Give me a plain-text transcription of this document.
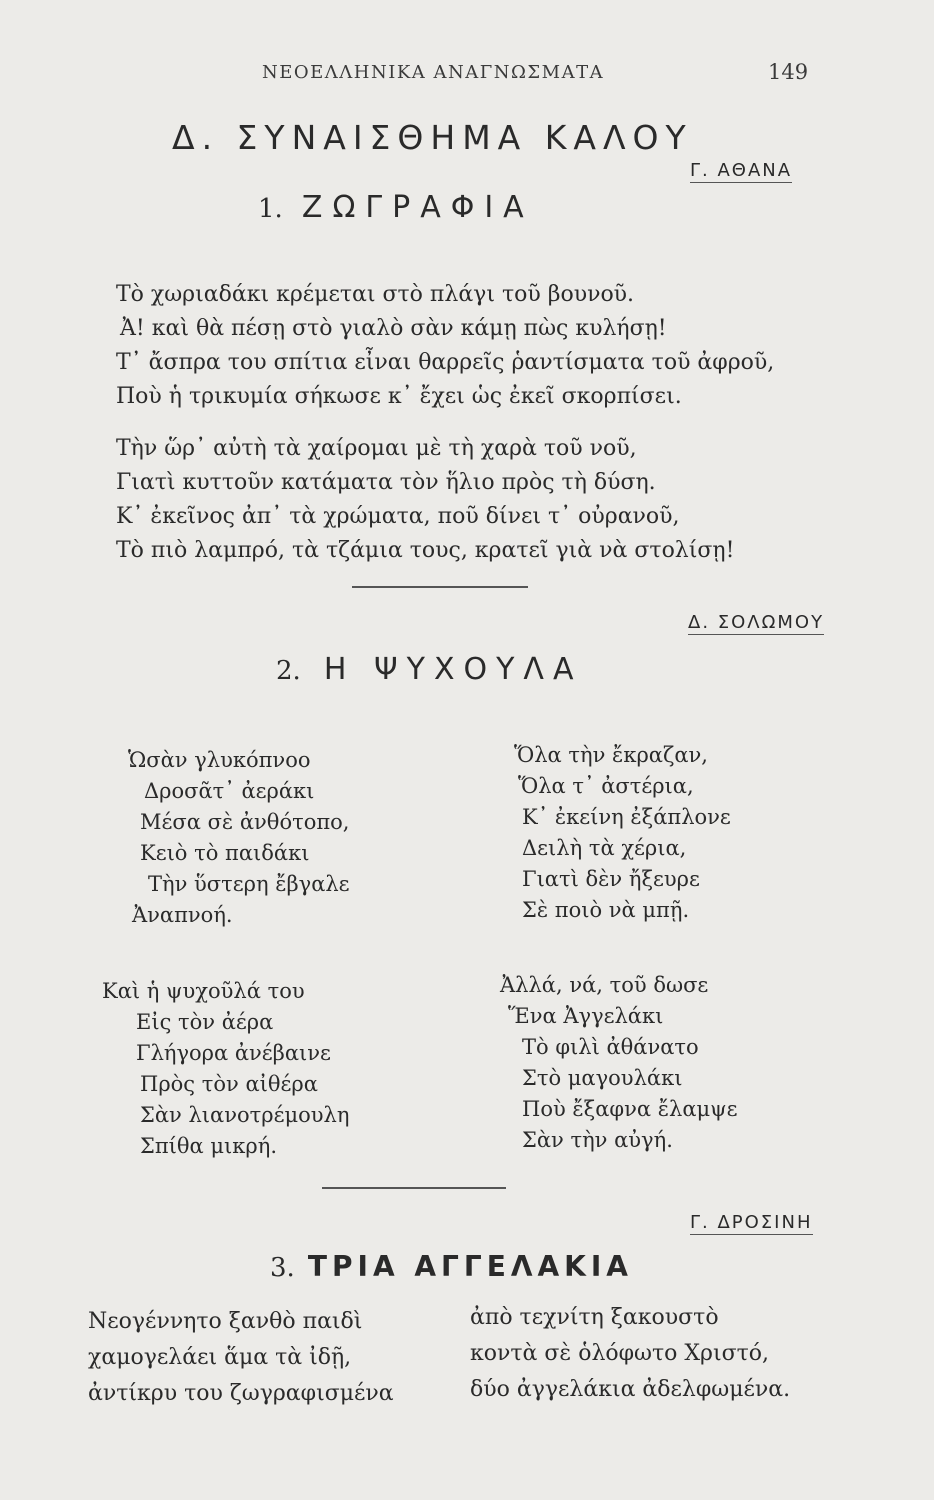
ΝΕΟΕΛΛΗΝΙΚΑ ΑΝΑΓΝΩΣΜΑΤΑ	149
Δ. ΣΥΝΑΙΣΘΗΜΑ ΚΑΛΟΥ
Γ. ΑΘΑΝΑ
1. ΖΩΓΡΑΦΙΑ
Τὸ χωριαδάκι κρέμεται στὸ πλάγι τοῦ βουνοῦ.
Ἀ! καὶ θὰ πέσῃ στὸ γιαλὸ σὰν κάμῃ πὼς κυλήσῃ!
Τ᾽ ἄσπρα του σπίτια εἶναι θαρρεῖς ῥαντίσματα τοῦ ἀφροῦ,
Ποὺ ἡ τρικυμία σήκωσε κ᾽ ἔχει ὡς ἐκεῖ σκορπίσει.
Τὴν ὥρ᾽ αὐτὴ τὰ χαίρομαι μὲ τὴ χαρὰ τοῦ νοῦ,
Γιατὶ κυττοῦν κατάματα τὸν ἥλιο πρὸς τὴ δύση.
Κ᾽ ἐκεῖνος ἀπ᾽ τὰ χρώματα, ποῦ δίνει τ᾽ οὐρανοῦ,
Τὸ πιὸ λαμπρό, τὰ τζάμια τους, κρατεῖ γιὰ νὰ στολίσῃ!
Δ. ΣΟΛΩΜΟΥ
2. Η ΨΥΧΟΥΛΑ
Ὡσὰν γλυκόπνοο
Δροσᾶτ᾽ ἀεράκι
Μέσα σὲ ἀνθότοπο,
Κειὸ τὸ παιδάκι
Τὴν ὕστερη ἔβγαλε
Ἀναπνοή.
Καὶ ἡ ψυχοῦλά του
Εἰς τὸν ἀέρα
Γλήγορα ἀνέβαινε
Πρὸς τὸν αἰθέρα
Σὰν λιανοτρέμουλη
Σπίθα μικρή.
Ὅλα τὴν ἔκραζαν,
Ὅλα τ᾽ ἀστέρια,
Κ᾽ ἐκείνη ἐξάπλονε
Δειλὴ τὰ χέρια,
Γιατὶ δὲν ἤξευρε
Σὲ ποιὸ νὰ μπῇ.
Ἀλλά, νά, τοῦ δωσε
Ἕνα Ἀγγελάκι
Τὸ φιλὶ ἀθάνατο
Στὸ μαγουλάκι
Ποὺ ἔξαφνα ἔλαμψε
Σὰν τὴν αὐγή.
Γ. ΔΡΟΣΙΝΗ
3. ΤΡΙΑ ΑΓΓΕΛΑΚΙΑ
Νεογέννητο ξανθὸ παιδὶ
χαμογελάει ἅμα τὰ ἰδῇ,
ἀντίκρυ του ζωγραφισμένα
ἀπὸ τεχνίτη ξακουστὸ
κοντὰ σὲ ὁλόφωτο Χριστό,
δύο ἀγγελάκια ἀδελφωμένα.
